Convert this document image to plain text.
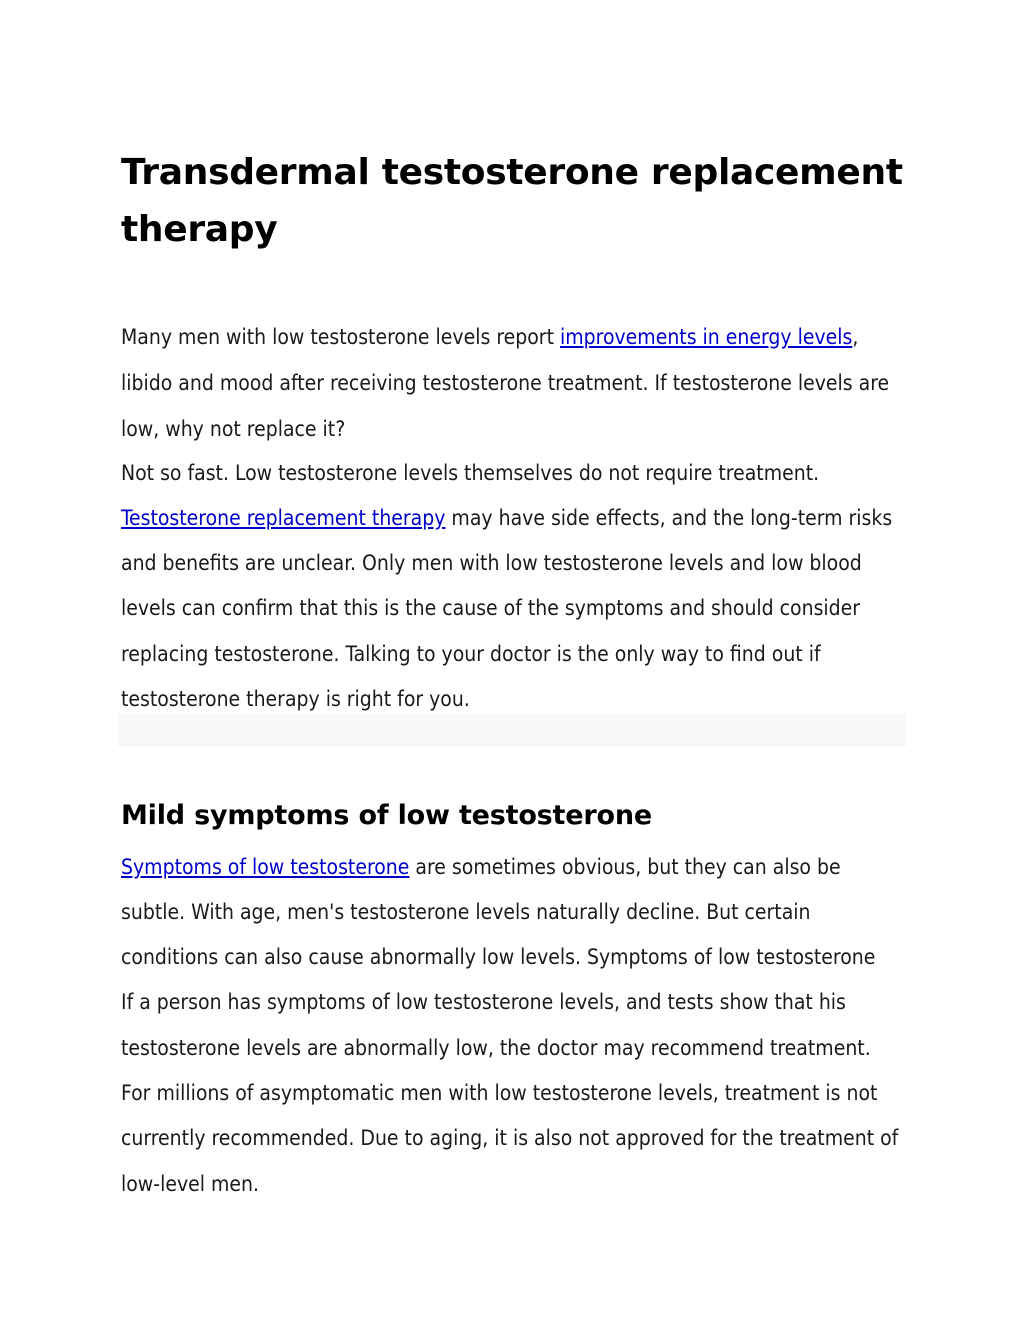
Transdermal testosterone replacement therapy

Many men with low testosterone levels report improvements in energy levels,

libido and mood after receiving testosterone treatment. If testosterone levels are

low, why not replace it?

Not so fast. Low testosterone levels themselves do not require treatment.

Testosterone replacement therapy may have side effects, and the long-term risks

and benefits are unclear. Only men with low testosterone levels and low blood

levels can confirm that this is the cause of the symptoms and should consider

replacing testosterone. Talking to your doctor is the only way to find out if

testosterone therapy is right for you.

Mild symptoms of low testosterone

Symptoms of low testosterone are sometimes obvious, but they can also be

subtle. With age, men's testosterone levels naturally decline. But certain

conditions can also cause abnormally low levels. Symptoms of low testosterone

If a person has symptoms of low testosterone levels, and tests show that his

testosterone levels are abnormally low, the doctor may recommend treatment.

For millions of asymptomatic men with low testosterone levels, treatment is not

currently recommended. Due to aging, it is also not approved for the treatment of

low-level men.
